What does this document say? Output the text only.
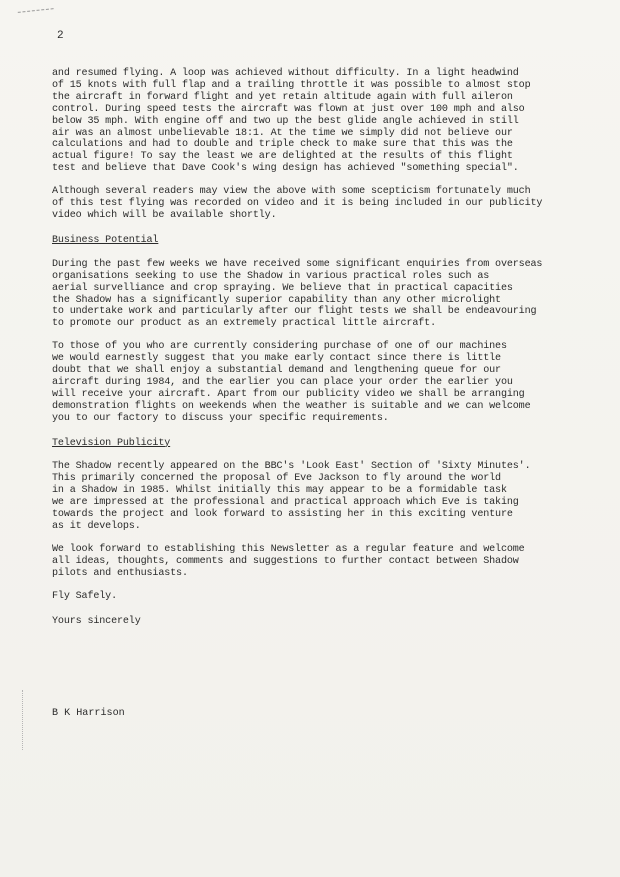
2

and resumed flying. A loop was achieved without difficulty. In a light headwind
of 15 knots with full flap and a trailing throttle it was possible to almost stop
the aircraft in forward flight and yet retain altitude again with full aileron
control. During speed tests the aircraft was flown at just over 100 mph and also
below 35 mph. With engine off and two up the best glide angle achieved in still
air was an almost unbelievable 18:1. At the time we simply did not believe our
calculations and had to double and triple check to make sure that this was the
actual figure! To say the least we are delighted at the results of this flight
test and believe that Dave Cook's wing design has achieved "something special".

Although several readers may view the above with some scepticism fortunately much
of this test flying was recorded on video and it is being included in our publicity
video which will be available shortly.

Business Potential

During the past few weeks we have received some significant enquiries from overseas
organisations seeking to use the Shadow in various practical roles such as
aerial survelliance and crop spraying. We believe that in practical capacities
the Shadow has a significantly superior capability than any other microlight
to undertake work and particularly after our flight tests we shall be endeavouring
to promote our product as an extremely practical little aircraft.

To those of you who are currently considering purchase of one of our machines
we would earnestly suggest that you make early contact since there is little
doubt that we shall enjoy a substantial demand and lengthening queue for our
aircraft during 1984, and the earlier you can place your order the earlier you
will receive your aircraft. Apart from our publicity video we shall be arranging
demonstration flights on weekends when the weather is suitable and we can welcome
you to our factory to discuss your specific requirements.

Television Publicity

The Shadow recently appeared on the BBC's 'Look East' Section of 'Sixty Minutes'.
This primarily concerned the proposal of Eve Jackson to fly around the world
in a Shadow in 1985. Whilst initially this may appear to be a formidable task
we are impressed at the professional and practical approach which Eve is taking
towards the project and look forward to assisting her in this exciting venture
as it develops.

We look forward to establishing this Newsletter as a regular feature and welcome
all ideas, thoughts, comments and suggestions to further contact between Shadow
pilots and enthusiasts.

Fly Safely.

Yours sincerely

B K Harrison
